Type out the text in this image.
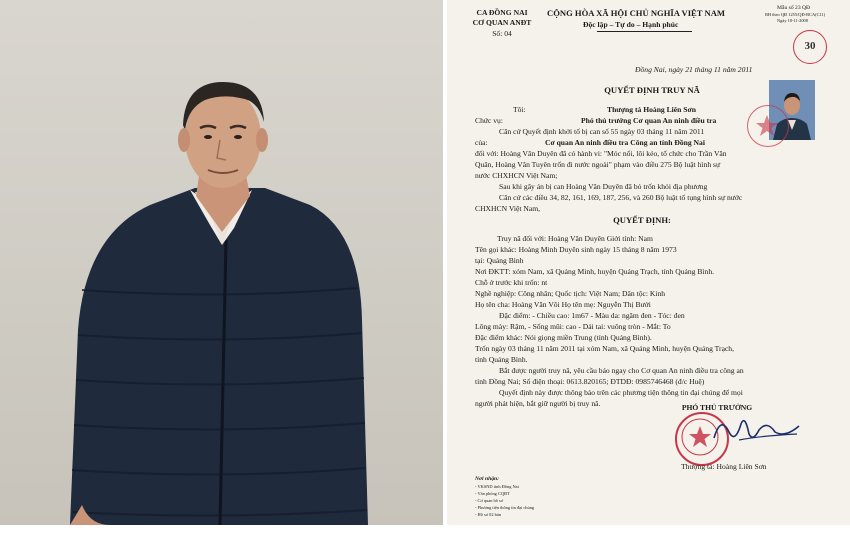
CA ĐỒNG NAI
CƠ QUAN ANĐT
Số: 04
CỘNG HÒA XÃ HỘI CHỦ NGHĨA VIỆT NAM
Độc lập – Tự do – Hạnh phúc
Mẫu số 23 QĐ
BH theo QĐ 1255/QĐ-BCA(C11)
Ngày 18-11-2008
30
Đồng Nai, ngày 21 tháng 11 năm 2011
QUYẾT ĐỊNH TRUY NÃ
Tôi:	Thượng tá Hoàng Liên Sơn
Chức vụ:	Phó thủ trưởng Cơ quan An ninh điều tra
Căn cứ Quyết định khởi tố bị can số 55 ngày 03 tháng 11 năm 2011
của:	Cơ quan An ninh điều tra Công an tỉnh Đồng Nai
đối với: Hoàng Văn Duyên đã có hành vi: "Móc nối, lôi kéo, tổ chức cho Trần Văn
Quân, Hoàng Văn Tuyên trốn đi nước ngoài" phạm vào điều 275 Bộ luật hình sự
nước CHXHCN Việt Nam;
Sau khi gây án bị can Hoàng Văn Duyên đã bỏ trốn khỏi địa phương
Căn cứ các điều 34, 82, 161, 169, 187, 256, và 260 Bộ luật tố tụng hình sự nước
CHXHCN Việt Nam,
QUYẾT ĐỊNH:
Truy nã đối với: Hoàng Văn Duyên Giới tính: Nam
Tên gọi khác: Hoàng Minh Duyên sinh ngày 15 tháng 8 năm 1973
tại: Quảng Bình
Nơi ĐKTT: xóm Nam, xã Quảng Minh, huyện Quảng Trạch, tỉnh Quảng Bình.
Chỗ ở trước khi trốn: nt
Nghề nghiệp: Công nhân; Quốc tịch: Việt Nam; Dân tộc: Kinh
Họ tên cha: Hoàng Văn Vôi Họ tên mẹ: Nguyễn Thị Bưởi
Đặc điểm: - Chiều cao: 1m67 - Màu da: ngăm đen - Tóc: đen
Lông mày: Rậm, - Sống mũi: cao - Dái tai: vuông tròn - Mắt: To
Đặc điểm khác: Nói giọng miền Trung (tỉnh Quảng Bình).
Trốn ngày 03 tháng 11 năm 2011 tại xóm Nam, xã Quảng Minh, huyện Quảng Trạch,
tỉnh Quảng Bình.
Bắt được người truy nã, yêu cầu báo ngay cho Cơ quan An ninh điều tra công an
tỉnh Đồng Nai; Số điện thoại: 0613.820165; ĐTDĐ: 0985746468 (đ/c Huệ)
Quyết định này được thông báo trên các phương tiện thông tin đại chúng để mọi
người phát hiện, bắt giữ người bị truy nã.	PHÓ THỦ TRƯỞNG
Thượng tá: Hoàng Liên Sơn
Nơi nhận:
- VKSND tỉnh Đồng Nai
- Văn phòng CQĐT
- Cơ quan hồ sơ
- Phương tiện thông tin đại chúng
- Hồ sơ 02 bản
